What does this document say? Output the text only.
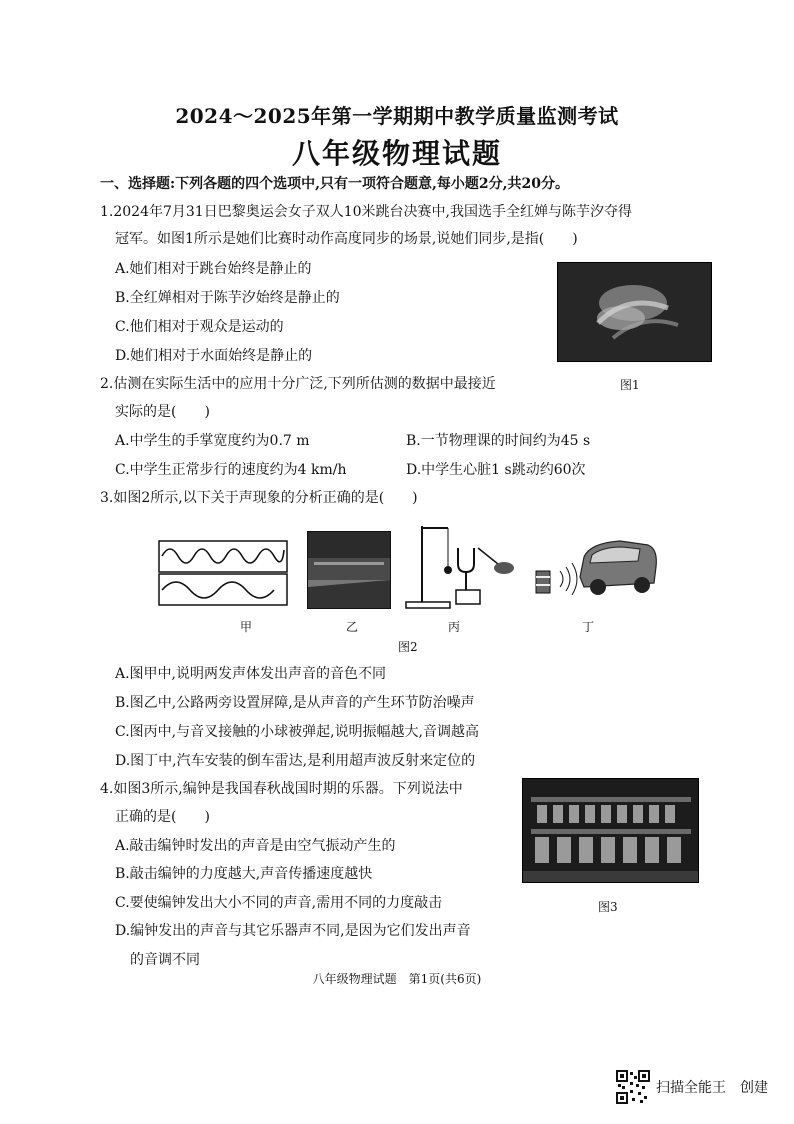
2024～2025年第一学期期中教学质量监测考试
八年级物理试题
一、选择题:下列各题的四个选项中,只有一项符合题意,每小题2分,共20分。
1.2024年7月31日巴黎奥运会女子双人10米跳台决赛中,我国选手全红婵与陈芋汐夺得
冠军。如图1所示是她们比赛时动作高度同步的场景,说她们同步,是指(　　)
A.她们相对于跳台始终是静止的
B.全红婵相对于陈芋汐始终是静止的
C.他们相对于观众是运动的
D.她们相对于水面始终是静止的
图1
2.估测在实际生活中的应用十分广泛,下列所估测的数据中最接近
实际的是(　　)
A.中学生的手掌宽度约为0.7 m	B.一节物理课的时间约为45 s
C.中学生正常步行的速度约为4 km/h	D.中学生心脏1 s跳动约60次
3.如图2所示,以下关于声现象的分析正确的是(　　)
甲	乙	丙	丁
图2
A.图甲中,说明两发声体发出声音的音色不同
B.图乙中,公路两旁设置屏障,是从声音的产生环节防治噪声
C.图丙中,与音叉接触的小球被弹起,说明振幅越大,音调越高
D.图丁中,汽车安装的倒车雷达,是利用超声波反射来定位的
4.如图3所示,编钟是我国春秋战国时期的乐器。下列说法中
正确的是(　　)
A.敲击编钟时发出的声音是由空气振动产生的
B.敲击编钟的力度越大,声音传播速度越快
C.要使编钟发出大小不同的声音,需用不同的力度敲击
D.编钟发出的声音与其它乐器声不同,是因为它们发出声音
的音调不同
图3
八年级物理试题　第1页(共6页)
扫描全能王　创建
